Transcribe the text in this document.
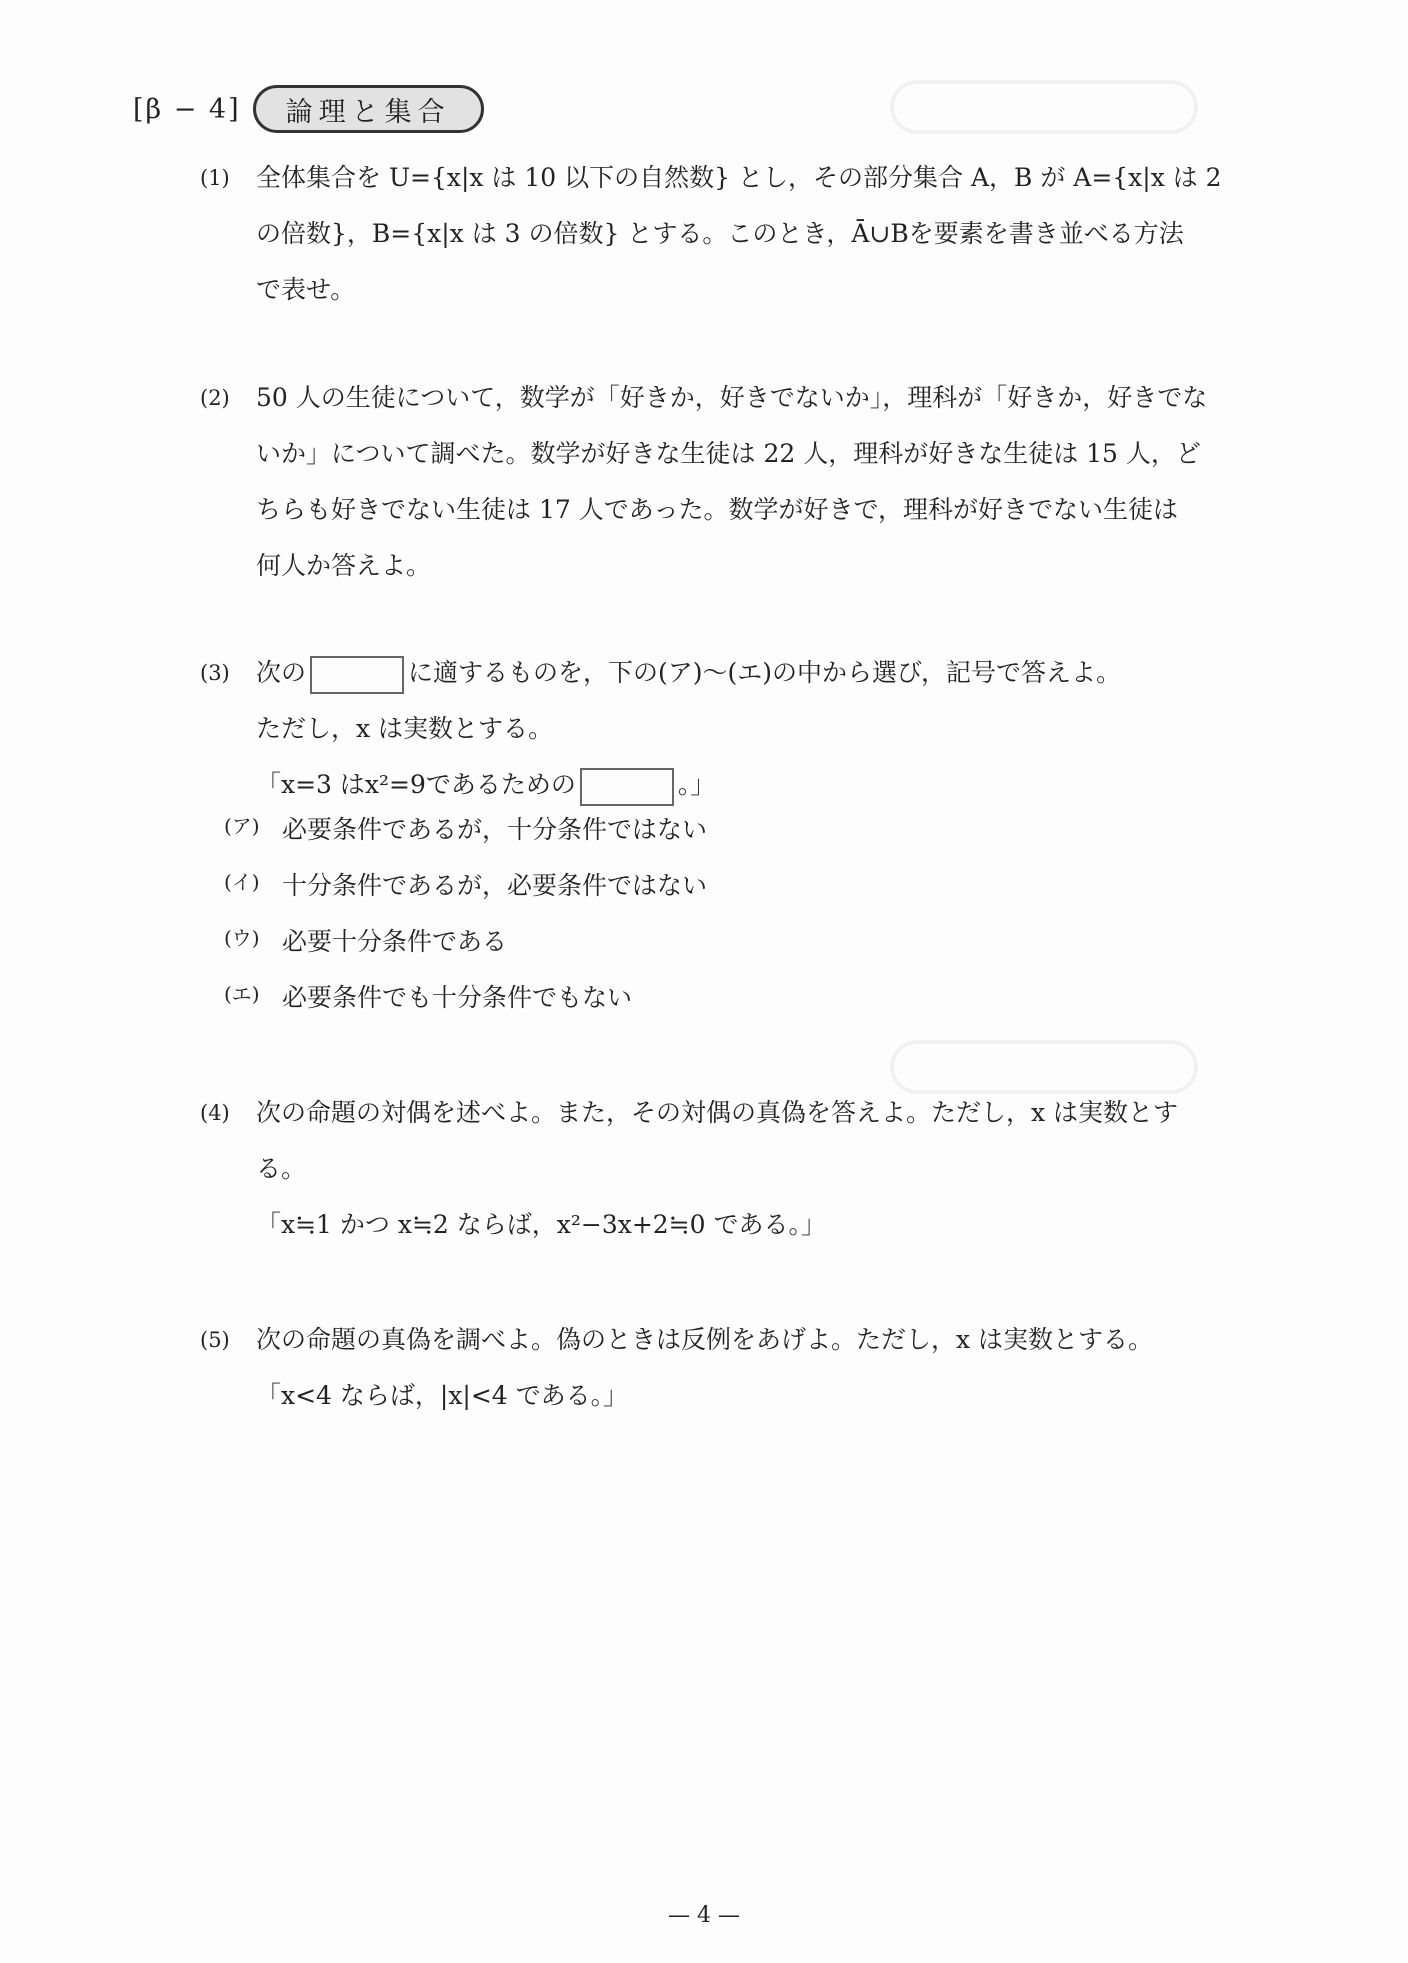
[β − 4]	論理と集合
(1) 全体集合を U={x|x は 10 以下の自然数} とし，その部分集合 A，B が A={x|x は 2
の倍数}，B={x|x は 3 の倍数} とする。このとき，Ā∪Bを要素を書き並べる方法
で表せ。
(2) 50 人の生徒について，数学が「好きか，好きでないか」，理科が「好きか，好きでな
いか」について調べた。数学が好きな生徒は 22 人，理科が好きな生徒は 15 人，ど
ちらも好きでない生徒は 17 人であった。数学が好きで，理科が好きでない生徒は
何人か答えよ。
(3) 次の	に適するものを，下の(ア)〜(エ)の中から選び，記号で答えよ。
ただし，x は実数とする。
「x=3 はx²=9であるための	。」
(ア) 必要条件であるが，十分条件ではない
(イ) 十分条件であるが，必要条件ではない
(ウ) 必要十分条件である
(エ) 必要条件でも十分条件でもない
(4) 次の命題の対偶を述べよ。また，その対偶の真偽を答えよ。ただし，x は実数とす
る。
「x≒1 かつ x≒2 ならば，x²−3x+2≒0 である。」
(5) 次の命題の真偽を調べよ。偽のときは反例をあげよ。ただし，x は実数とする。
「x<4 ならば，|x|<4 である。」
— 4 —
